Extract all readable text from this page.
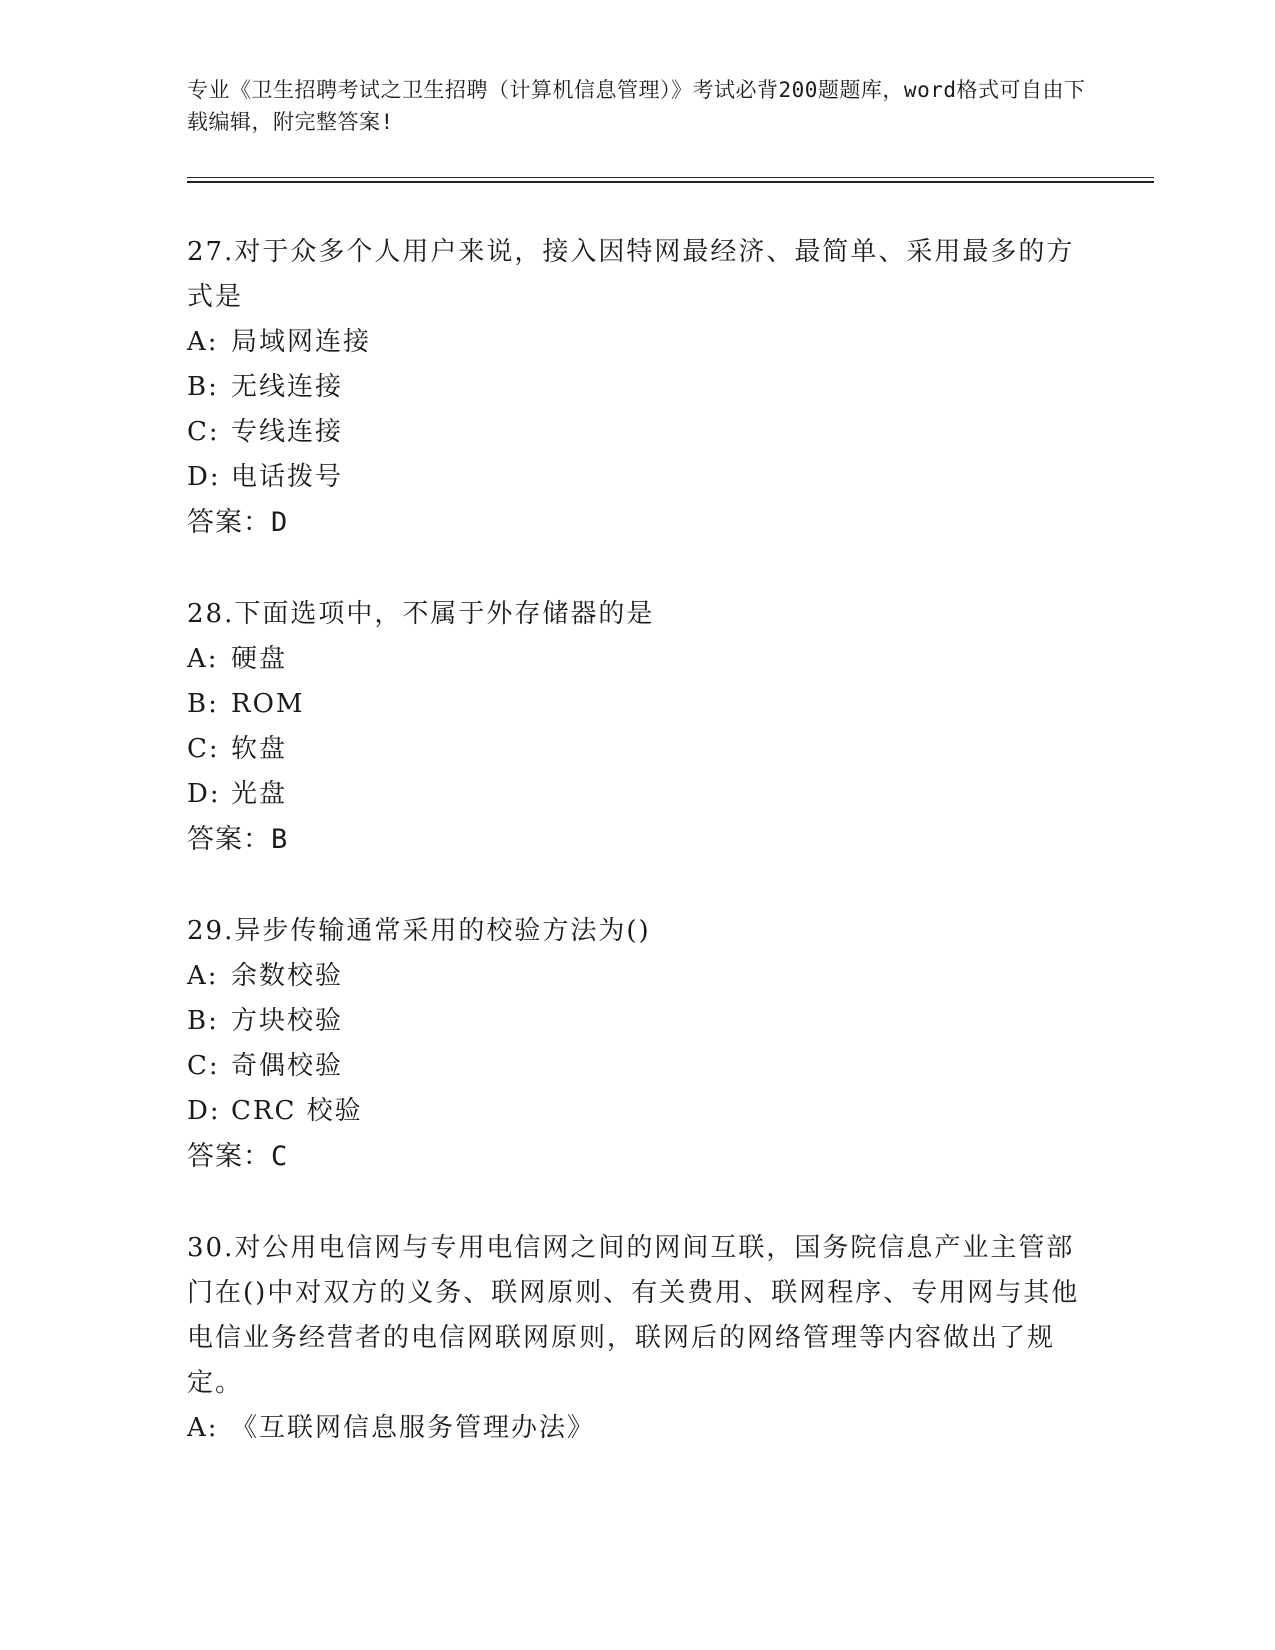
专业《卫生招聘考试之卫生招聘（计算机信息管理）》考试必背200题题库，word格式可自由下载编辑，附完整答案!
27.对于众多个人用户来说，接入因特网最经济、最简单、采用最多的方式是
A: 局域网连接
B: 无线连接
C: 专线连接
D: 电话拨号
答案：D
28.下面选项中，不属于外存储器的是
A: 硬盘
B: ROM
C: 软盘
D: 光盘
答案：B
29.异步传输通常采用的校验方法为()
A: 余数校验
B: 方块校验
C: 奇偶校验
D: CRC 校验
答案：C
30.对公用电信网与专用电信网之间的网间互联，国务院信息产业主管部门在()中对双方的义务、联网原则、有关费用、联网程序、专用网与其他电信业务经营者的电信网联网原则，联网后的网络管理等内容做出了规定。
A: 《互联网信息服务管理办法》
